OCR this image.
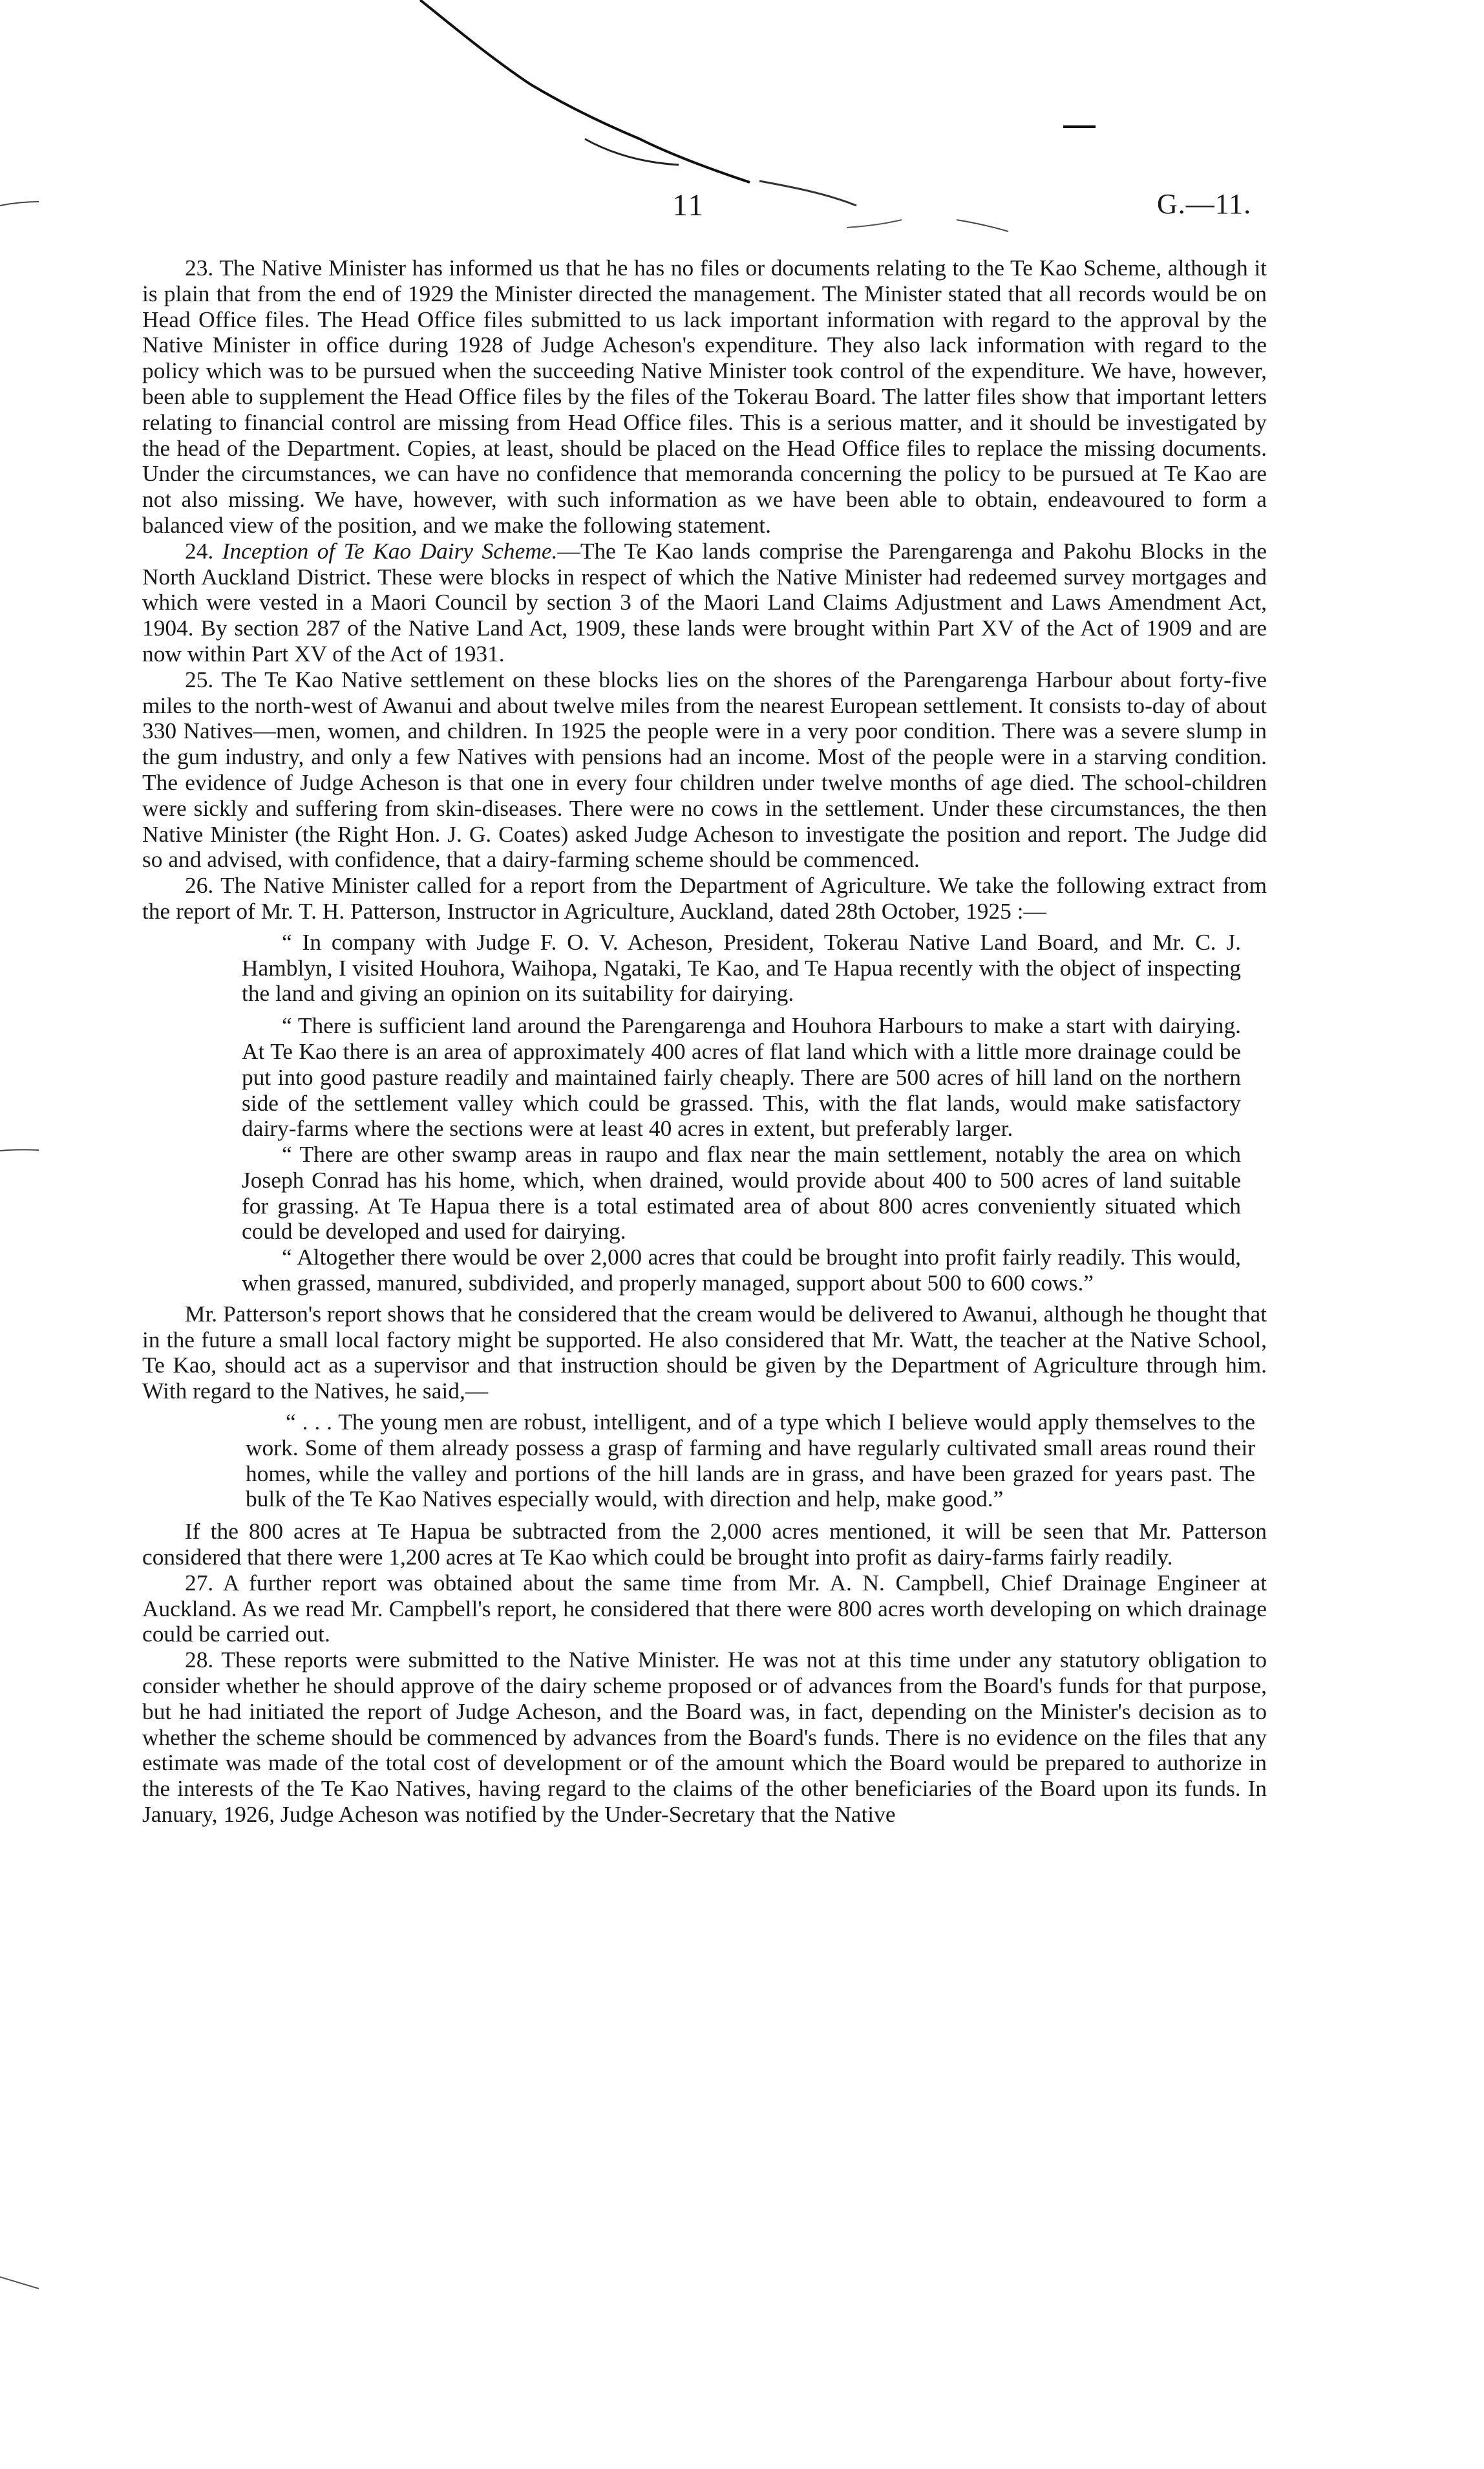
11	G.—11.

23. The Native Minister has informed us that he has no files or documents relating to the Te Kao Scheme, although it is plain that from the end of 1929 the Minister directed the management. The Minister stated that all records would be on Head Office files. The Head Office files submitted to us lack important information with regard to the approval by the Native Minister in office during 1928 of Judge Acheson's expenditure. They also lack information with regard to the policy which was to be pursued when the succeeding Native Minister took control of the expenditure. We have, however, been able to supplement the Head Office files by the files of the Tokerau Board. The latter files show that important letters relating to financial control are missing from Head Office files. This is a serious matter, and it should be investigated by the head of the Department. Copies, at least, should be placed on the Head Office files to replace the missing documents. Under the circumstances, we can have no confidence that memoranda concerning the policy to be pursued at Te Kao are not also missing. We have, however, with such information as we have been able to obtain, endeavoured to form a balanced view of the position, and we make the following statement.

24. Inception of Te Kao Dairy Scheme.—The Te Kao lands comprise the Parengarenga and Pakohu Blocks in the North Auckland District. These were blocks in respect of which the Native Minister had redeemed survey mortgages and which were vested in a Maori Council by section 3 of the Maori Land Claims Adjustment and Laws Amendment Act, 1904. By section 287 of the Native Land Act, 1909, these lands were brought within Part XV of the Act of 1909 and are now within Part XV of the Act of 1931.

25. The Te Kao Native settlement on these blocks lies on the shores of the Parengarenga Harbour about forty-five miles to the north-west of Awanui and about twelve miles from the nearest European settlement. It consists to-day of about 330 Natives—men, women, and children. In 1925 the people were in a very poor condition. There was a severe slump in the gum industry, and only a few Natives with pensions had an income. Most of the people were in a starving condition. The evidence of Judge Acheson is that one in every four children under twelve months of age died. The school-children were sickly and suffering from skin-diseases. There were no cows in the settlement. Under these circumstances, the then Native Minister (the Right Hon. J. G. Coates) asked Judge Acheson to investigate the position and report. The Judge did so and advised, with confidence, that a dairy-farming scheme should be commenced.

26. The Native Minister called for a report from the Department of Agriculture. We take the following extract from the report of Mr. T. H. Patterson, Instructor in Agriculture, Auckland, dated 28th October, 1925 :—

“ In company with Judge F. O. V. Acheson, President, Tokerau Native Land Board, and Mr. C. J. Hamblyn, I visited Houhora, Waihopa, Ngataki, Te Kao, and Te Hapua recently with the object of inspecting the land and giving an opinion on its suitability for dairying.

“ There is sufficient land around the Parengarenga and Houhora Harbours to make a start with dairying. At Te Kao there is an area of approximately 400 acres of flat land which with a little more drainage could be put into good pasture readily and maintained fairly cheaply. There are 500 acres of hill land on the northern side of the settlement valley which could be grassed. This, with the flat lands, would make satisfactory dairy-farms where the sections were at least 40 acres in extent, but preferably larger.

“ There are other swamp areas in raupo and flax near the main settlement, notably the area on which Joseph Conrad has his home, which, when drained, would provide about 400 to 500 acres of land suitable for grassing. At Te Hapua there is a total estimated area of about 800 acres conveniently situated which could be developed and used for dairying.

“ Altogether there would be over 2,000 acres that could be brought into profit fairly readily. This would, when grassed, manured, subdivided, and properly managed, support about 500 to 600 cows.”

Mr. Patterson's report shows that he considered that the cream would be delivered to Awanui, although he thought that in the future a small local factory might be supported. He also considered that Mr. Watt, the teacher at the Native School, Te Kao, should act as a supervisor and that instruction should be given by the Department of Agriculture through him. With regard to the Natives, he said,—

“ . . . The young men are robust, intelligent, and of a type which I believe would apply themselves to the work. Some of them already possess a grasp of farming and have regularly cultivated small areas round their homes, while the valley and portions of the hill lands are in grass, and have been grazed for years past. The bulk of the Te Kao Natives especially would, with direction and help, make good.”

If the 800 acres at Te Hapua be subtracted from the 2,000 acres mentioned, it will be seen that Mr. Patterson considered that there were 1,200 acres at Te Kao which could be brought into profit as dairy-farms fairly readily.

27. A further report was obtained about the same time from Mr. A. N. Campbell, Chief Drainage Engineer at Auckland. As we read Mr. Campbell's report, he considered that there were 800 acres worth developing on which drainage could be carried out.

28. These reports were submitted to the Native Minister. He was not at this time under any statutory obligation to consider whether he should approve of the dairy scheme proposed or of advances from the Board's funds for that purpose, but he had initiated the report of Judge Acheson, and the Board was, in fact, depending on the Minister's decision as to whether the scheme should be commenced by advances from the Board's funds. There is no evidence on the files that any estimate was made of the total cost of development or of the amount which the Board would be prepared to authorize in the interests of the Te Kao Natives, having regard to the claims of the other beneficiaries of the Board upon its funds. In January, 1926, Judge Acheson was notified by the Under-Secretary that the Native
